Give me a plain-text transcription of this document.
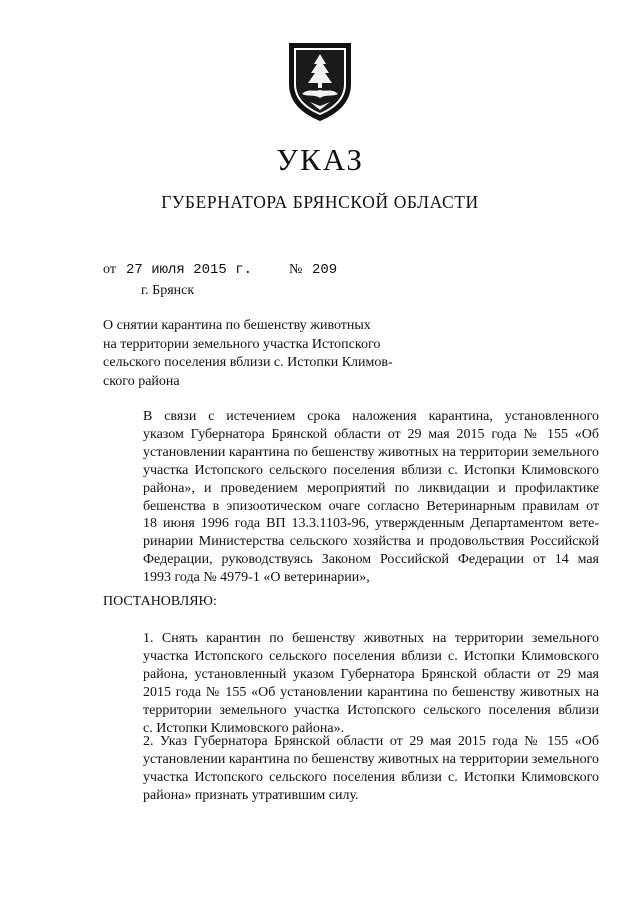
УКАЗ
ГУБЕРНАТОРА БРЯНСКОЙ ОБЛАСТИ
от 27 июля 2015 г.	№ 209
г. Брянск
О снятии карантина по бешенству животных
на территории земельного участка Истопского
сельского поселения вблизи с. Истопки Климов-
ского района
В связи с истечением срока наложения карантина, установленного
указом Губернатора Брянской области от 29 мая 2015 года № 155 «Об
установлении карантина по бешенству животных на территории земельного
участка Истопского сельского поселения вблизи с. Истопки Климовского
района», и проведением мероприятий по ликвидации и профилактике
бешенства в эпизоотическом очаге согласно Ветеринарным правилам от
18 июня 1996 года ВП 13.3.1103-96, утвержденным Департаментом вете-
ринарии Министерства сельского хозяйства и продовольствия Российской
Федерации, руководствуясь Законом Российской Федерации от 14 мая
1993 года № 4979-1 «О ветеринарии»,
ПОСТАНОВЛЯЮ:
1. Снять карантин по бешенству животных на территории земельного
участка Истопского сельского поселения вблизи с. Истопки Климовского
района, установленный указом Губернатора Брянской области от 29 мая
2015 года № 155 «Об установлении карантина по бешенству животных на
территории земельного участка Истопского сельского поселения вблизи
с. Истопки Климовского района».
2. Указ Губернатора Брянской области от 29 мая 2015 года № 155 «Об
установлении карантина по бешенству животных на территории земельного
участка Истопского сельского поселения вблизи с. Истопки Климовского
района» признать утратившим силу.
